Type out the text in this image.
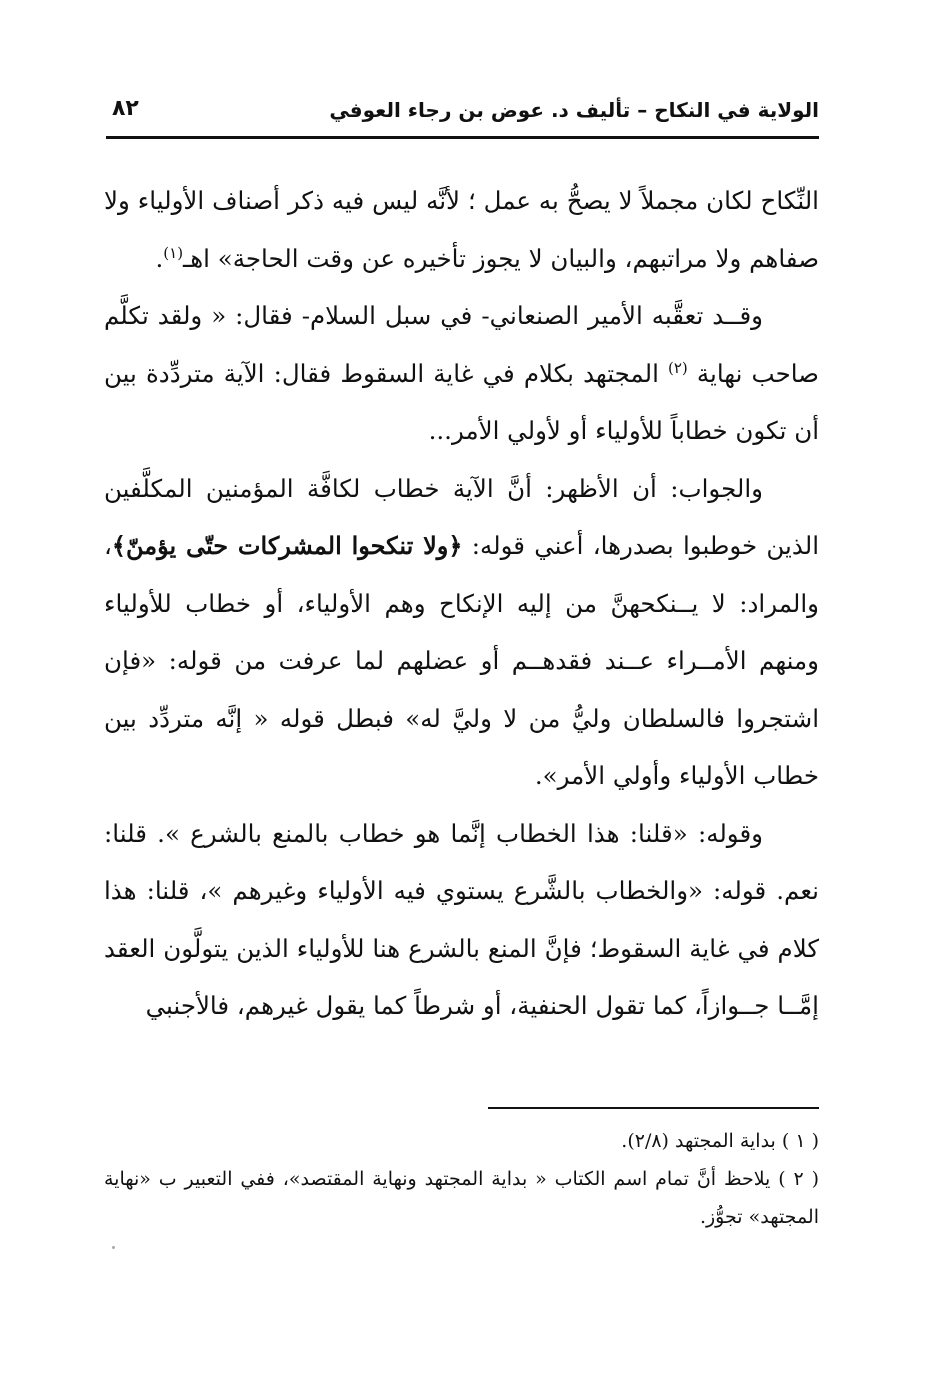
الولاية في النكاح – تأليف د. عوض بن رجاء العوفي
٨٢

النِّكاح لكان مجملاً لا يصحُّ به عمل ؛ لأنَّه ليس فيه ذكر أصناف الأولياء ولا صفاهم ولا مراتبهم، والبيان لا يجوز تأخيره عن وقت الحاجة» اهـ$^{(١)}$.

وقــد تعقَّبه الأمير الصنعاني- في سبل السلام- فقال: « ولقد تكلَّم صاحب نهاية $^{(٢)}$ المجتهد بكلام في غاية السقوط فقال: الآية متردِّدة بين أن تكون خطاباً للأولياء أو لأولي الأمر...

والجواب: أن الأظهر: أنَّ الآية خطاب لكافَّة المؤمنين المكلَّفين الذين خوطبوا بصدرها، أعني قوله: ﴿ولا تنكحوا المشركات حتّى يؤمنّ﴾، والمراد: لا يــنكحهنَّ من إليه الإنكاح وهم الأولياء، أو خطاب للأولياء ومنهم الأمــراء عــند فقدهــم أو عضلهم لما عرفت من قوله: «فإن اشتجروا فالسلطان وليُّ من لا وليَّ له» فبطل قوله « إنَّه متردِّد بين خطاب الأولياء وأولي الأمر».

وقوله: «قلنا: هذا الخطاب إنَّما هو خطاب بالمنع بالشرع ». قلنا: نعم. قوله: «والخطاب بالشَّرع يستوي فيه الأولياء وغيرهم »، قلنا: هذا كلام في غاية السقوط؛ فإنَّ المنع بالشرع هنا للأولياء الذين يتولَّون العقد إمَّــا جــوازاً، كما تقول الحنفية، أو شرطاً كما يقول غيرهم، فالأجنبي

( ١ ) بداية المجتهد (٢/٨).

( ٢ ) يلاحظ أنَّ تمام اسم الكتاب « بداية المجتهد ونهاية المقتصد»، ففي التعبير ب «نهاية المجتهد» تجوُّز.
